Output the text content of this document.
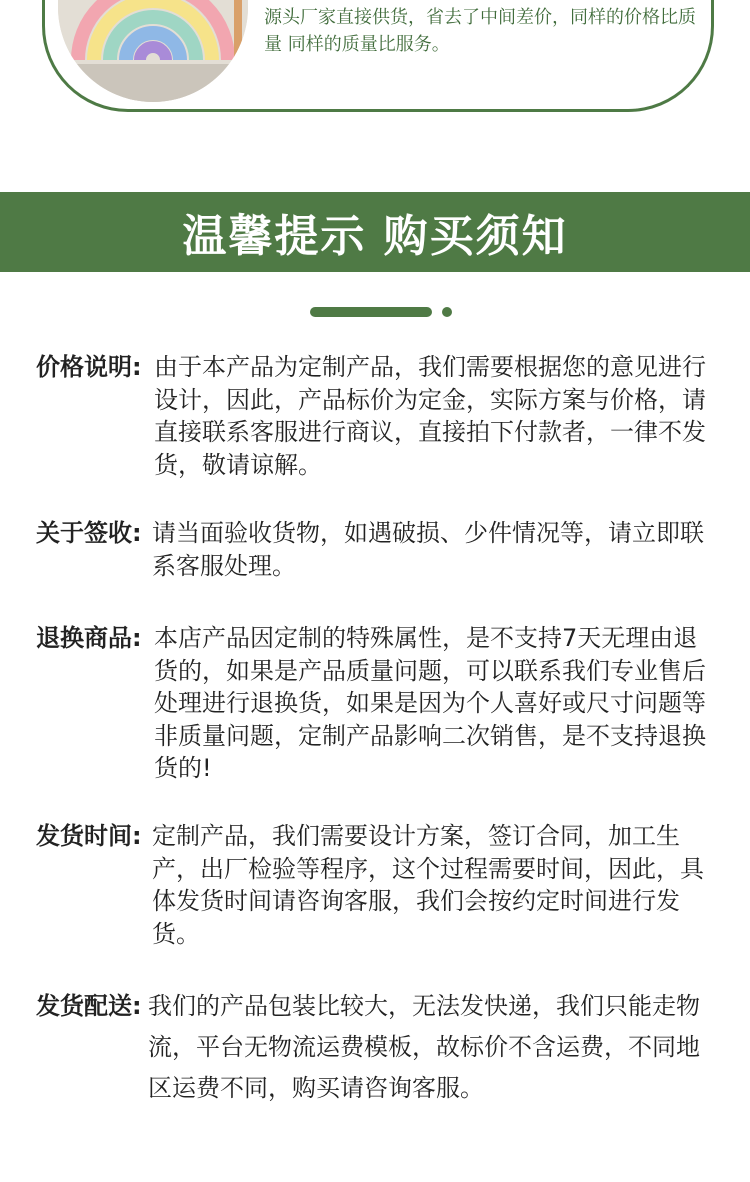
源头厂家直接供货，省去了中间差价，同样的价格比质量 同样的质量比服务。
温馨提示 购买须知
价格说明: 由于本产品为定制产品，我们需要根据您的意见进行设计，因此，产品标价为定金，实际方案与价格，请直接联系客服进行商议，直接拍下付款者，一律不发货，敬请谅解。
关于签收: 请当面验收货物，如遇破损、少件情况等，请立即联系客服处理。
退换商品: 本店产品因定制的特殊属性，是不支持7天无理由退货的，如果是产品质量问题，可以联系我们专业售后处理进行退换货，如果是因为个人喜好或尺寸问题等非质量问题，定制产品影响二次销售，是不支持退换货的!
发货时间: 定制产品，我们需要设计方案，签订合同，加工生产，出厂检验等程序，这个过程需要时间，因此，具体发货时间请咨询客服，我们会按约定时间进行发货。
发货配送: 我们的产品包装比较大，无法发快递，我们只能走物流，平台无物流运费模板，故标价不含运费，不同地区运费不同，购买请咨询客服。
